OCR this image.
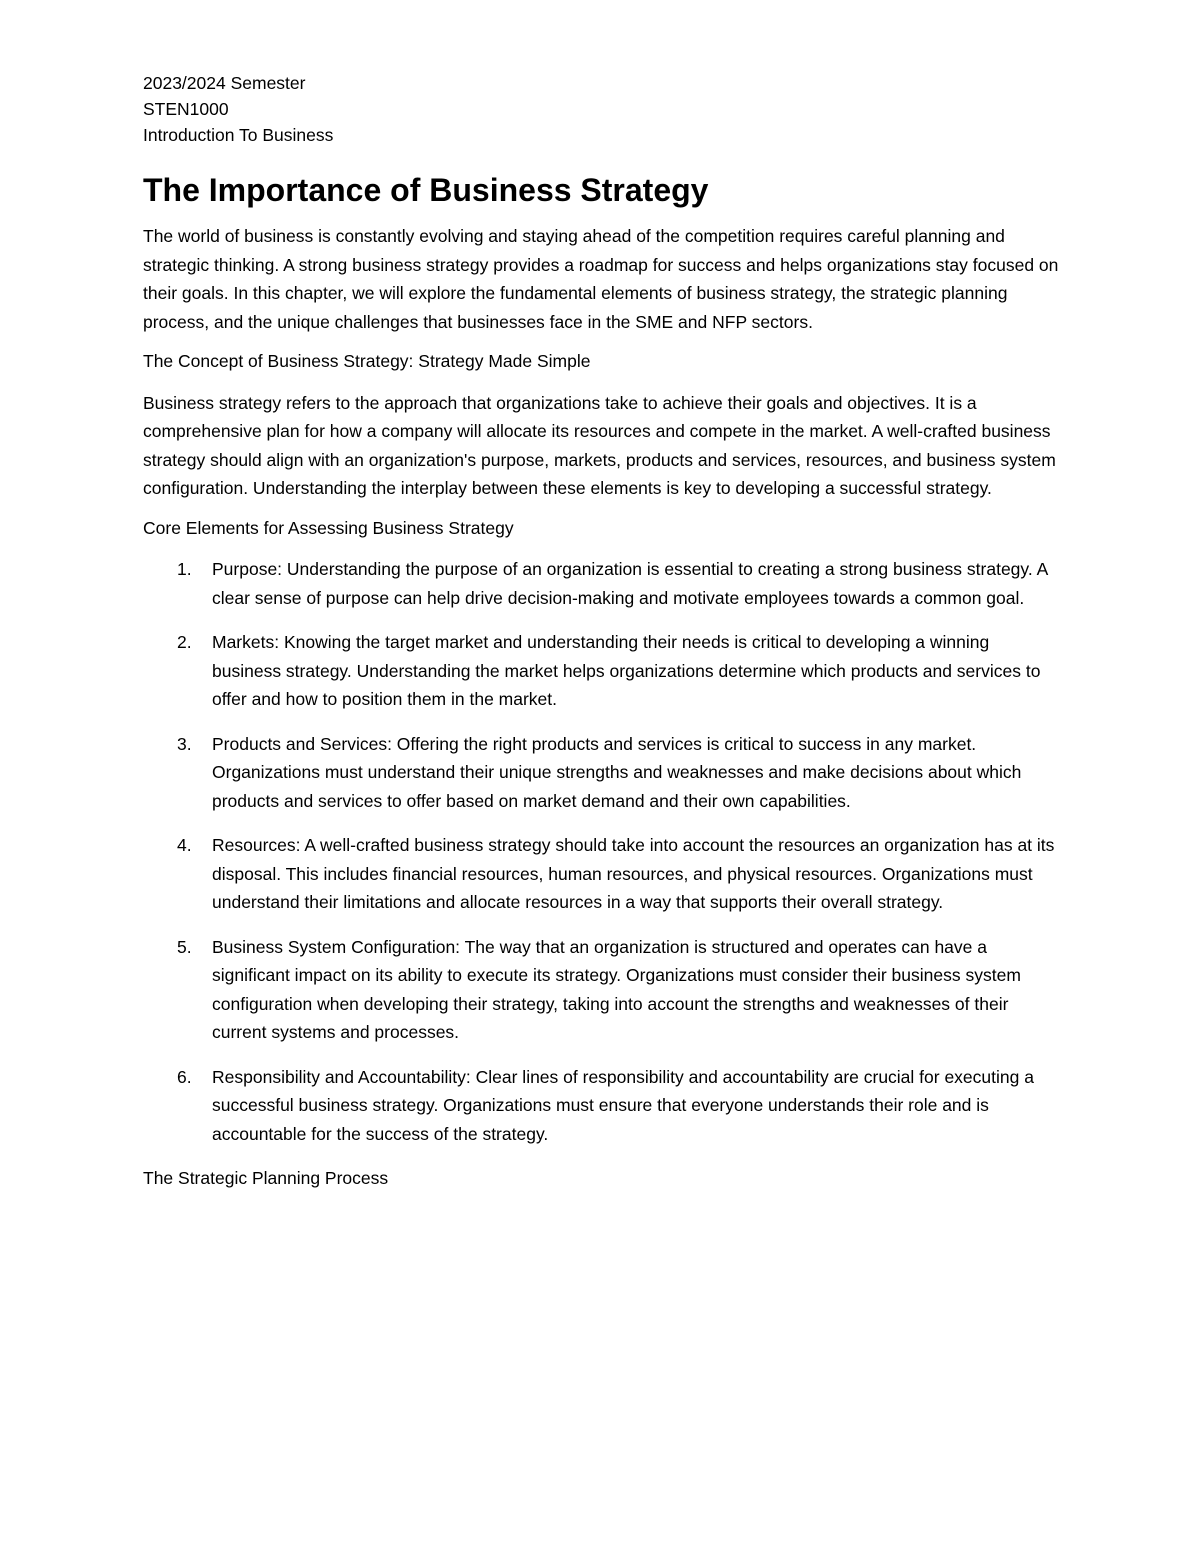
2023/2024 Semester

STEN1000

Introduction To Business

The Importance of Business Strategy

The world of business is constantly evolving and staying ahead of the competition requires careful planning and strategic thinking. A strong business strategy provides a roadmap for success and helps organizations stay focused on their goals. In this chapter, we will explore the fundamental elements of business strategy, the strategic planning process, and the unique challenges that businesses face in the SME and NFP sectors.

The Concept of Business Strategy: Strategy Made Simple

Business strategy refers to the approach that organizations take to achieve their goals and objectives. It is a comprehensive plan for how a company will allocate its resources and compete in the market. A well-crafted business strategy should align with an organization's purpose, markets, products and services, resources, and business system configuration. Understanding the interplay between these elements is key to developing a successful strategy.

Core Elements for Assessing Business Strategy

1. Purpose: Understanding the purpose of an organization is essential to creating a strong business strategy. A clear sense of purpose can help drive decision-making and motivate employees towards a common goal.
2. Markets: Knowing the target market and understanding their needs is critical to developing a winning business strategy. Understanding the market helps organizations determine which products and services to offer and how to position them in the market.
3. Products and Services: Offering the right products and services is critical to success in any market. Organizations must understand their unique strengths and weaknesses and make decisions about which products and services to offer based on market demand and their own capabilities.
4. Resources: A well-crafted business strategy should take into account the resources an organization has at its disposal. This includes financial resources, human resources, and physical resources. Organizations must understand their limitations and allocate resources in a way that supports their overall strategy.
5. Business System Configuration: The way that an organization is structured and operates can have a significant impact on its ability to execute its strategy. Organizations must consider their business system configuration when developing their strategy, taking into account the strengths and weaknesses of their current systems and processes.
6. Responsibility and Accountability: Clear lines of responsibility and accountability are crucial for executing a successful business strategy. Organizations must ensure that everyone understands their role and is accountable for the success of the strategy.

The Strategic Planning Process
